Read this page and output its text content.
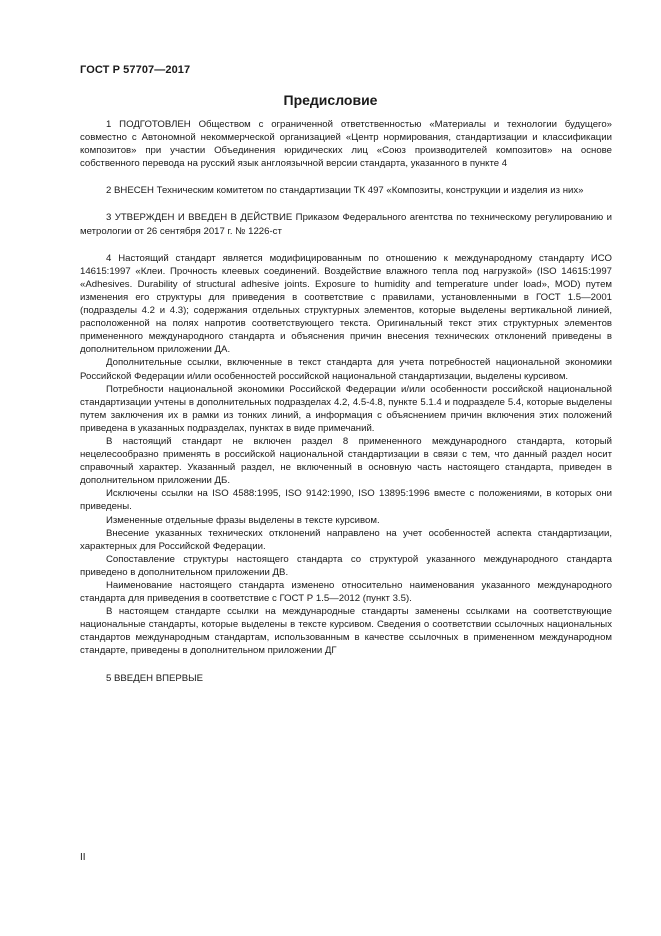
ГОСТ Р 57707—2017
Предисловие

1 ПОДГОТОВЛЕН Обществом с ограниченной ответственностью «Материалы и технологии будущего» совместно с Автономной некоммерческой организацией «Центр нормирования, стандартизации и классификации композитов» при участии Объединения юридических лиц «Союз производителей композитов» на основе собственного перевода на русский язык англоязычной версии стандарта, указанного в пункте 4

2 ВНЕСЕН Техническим комитетом по стандартизации ТК 497 «Композиты, конструкции и изделия из них»

3 УТВЕРЖДЕН И ВВЕДЕН В ДЕЙСТВИЕ Приказом Федерального агентства по техническому регулированию и метрологии от 26 сентября 2017 г. № 1226-ст

4 Настоящий стандарт является модифицированным по отношению к международному стандарту ИСО 14615:1997 «Клеи. Прочность клеевых соединений. Воздействие влажного тепла под нагрузкой» (ISO 14615:1997 «Adhesives. Durability of structural adhesive joints. Exposure to humidity and temperature under load», MOD) путем изменения его структуры для приведения в соответствие с правилами, установленными в ГОСТ 1.5—2001 (подразделы 4.2 и 4.3); содержания отдельных структурных элементов, которые выделены вертикальной линией, расположенной на полях напротив соответствующего текста. Оригинальный текст этих структурных элементов примененного международного стандарта и объяснения причин внесения технических отклонений приведены в дополнительном приложении ДА.

Дополнительные ссылки, включенные в текст стандарта для учета потребностей национальной экономики Российской Федерации и/или особенностей российской национальной стандартизации, выделены курсивом.

Потребности национальной экономики Российской Федерации и/или особенности российской национальной стандартизации учтены в дополнительных подразделах 4.2, 4.5-4.8, пункте 5.1.4 и подразделе 5.4, которые выделены путем заключения их в рамки из тонких линий, а информация с объяснением причин включения этих положений приведена в указанных подразделах, пунктах в виде примечаний.

В настоящий стандарт не включен раздел 8 примененного международного стандарта, который нецелесообразно применять в российской национальной стандартизации в связи с тем, что данный раздел носит справочный характер. Указанный раздел, не включенный в основную часть настоящего стандарта, приведен в дополнительном приложении ДБ.

Исключены ссылки на ISO 4588:1995, ISO 9142:1990, ISO 13895:1996 вместе с положениями, в которых они приведены.

Измененные отдельные фразы выделены в тексте курсивом.

Внесение указанных технических отклонений направлено на учет особенностей аспекта стандартизации, характерных для Российской Федерации.

Сопоставление структуры настоящего стандарта со структурой указанного международного стандарта приведено в дополнительном приложении ДВ.

Наименование настоящего стандарта изменено относительно наименования указанного международного стандарта для приведения в соответствие с ГОСТ Р 1.5—2012 (пункт 3.5).

В настоящем стандарте ссылки на международные стандарты заменены ссылками на соответствующие национальные стандарты, которые выделены в тексте курсивом. Сведения о соответствии ссылочных национальных стандартов международным стандартам, использованным в качестве ссылочных в примененном международном стандарте, приведены в дополнительном приложении ДГ

5 ВВЕДЕН ВПЕРВЫЕ

II
